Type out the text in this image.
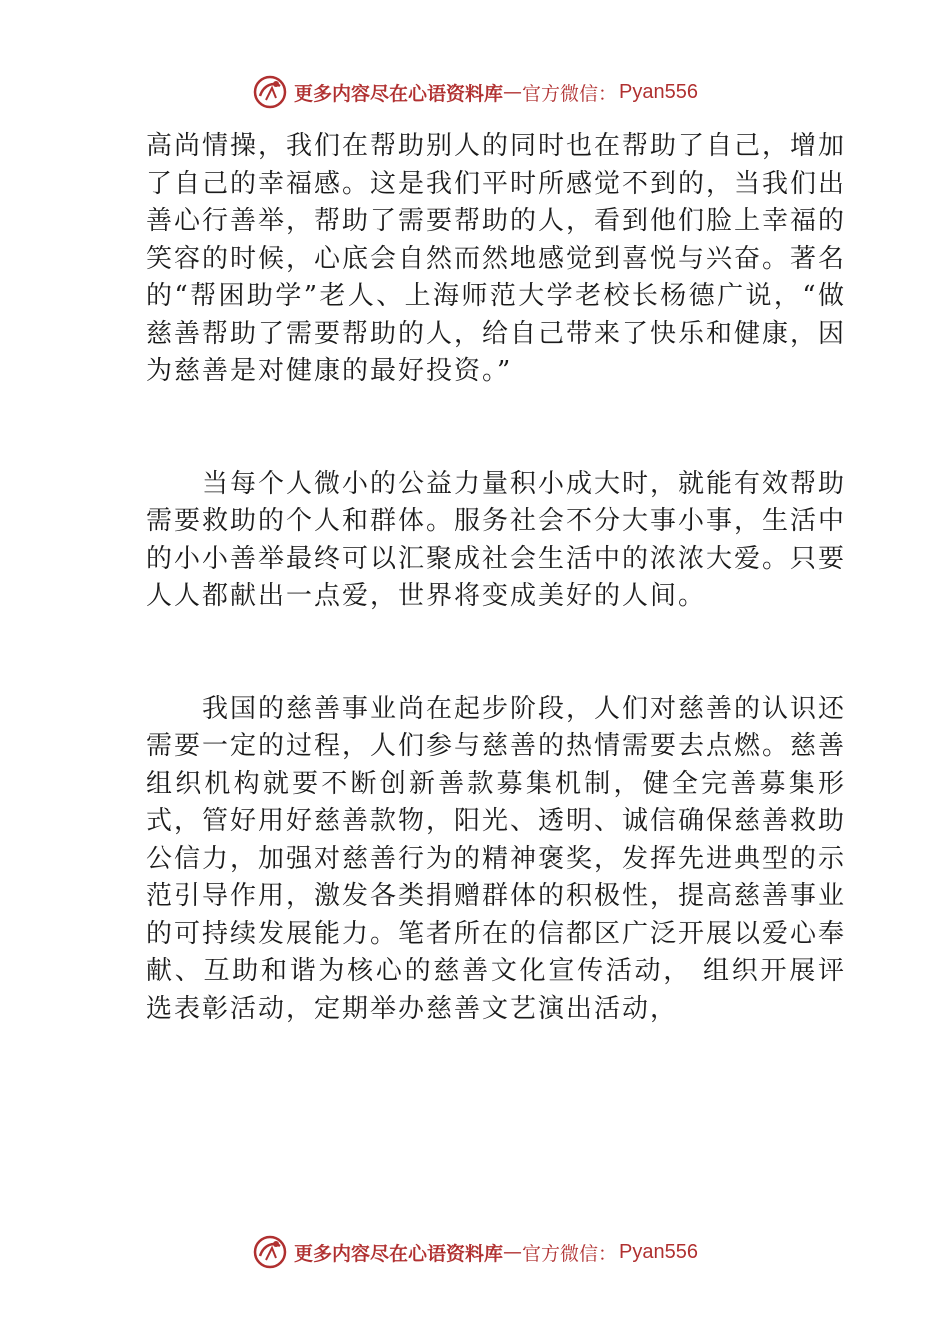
更多内容尽在心语资料库 — 官方微信： Pyan556

高尚情操，我们在帮助别人的同时也在帮助了自己，增加了自己的幸福感。这是我们平时所感觉不到的，当我们出善心行善举，帮助了需要帮助的人，看到他们脸上幸福的笑容的时候，心底会自然而然地感觉到喜悦与兴奋。著名的“帮困助学”老人、上海师范大学老校长杨德广说，“做慈善帮助了需要帮助的人，给自己带来了快乐和健康，因为慈善是对健康的最好投资。”

当每个人微小的公益力量积小成大时，就能有效帮助需要救助的个人和群体。服务社会不分大事小事，生活中的小小善举最终可以汇聚成社会生活中的浓浓大爱。只要人人都献出一点爱，世界将变成美好的人间。

我国的慈善事业尚在起步阶段，人们对慈善的认识还需要一定的过程，人们参与慈善的热情需要去点燃。慈善组织机构就要不断创新善款募集机制，健全完善募集形式，管好用好慈善款物，阳光、透明、诚信确保慈善救助公信力，加强对慈善行为的精神褒奖，发挥先进典型的示范引导作用，激发各类捐赠群体的积极性，提高慈善事业的可持续发展能力。笔者所在的信都区广泛开展以爱心奉献、互助和谐为核心的慈善文化宣传活动， 组织开展评选表彰活动，定期举办慈善文艺演出活动，

更多内容尽在心语资料库 — 官方微信： Pyan556
